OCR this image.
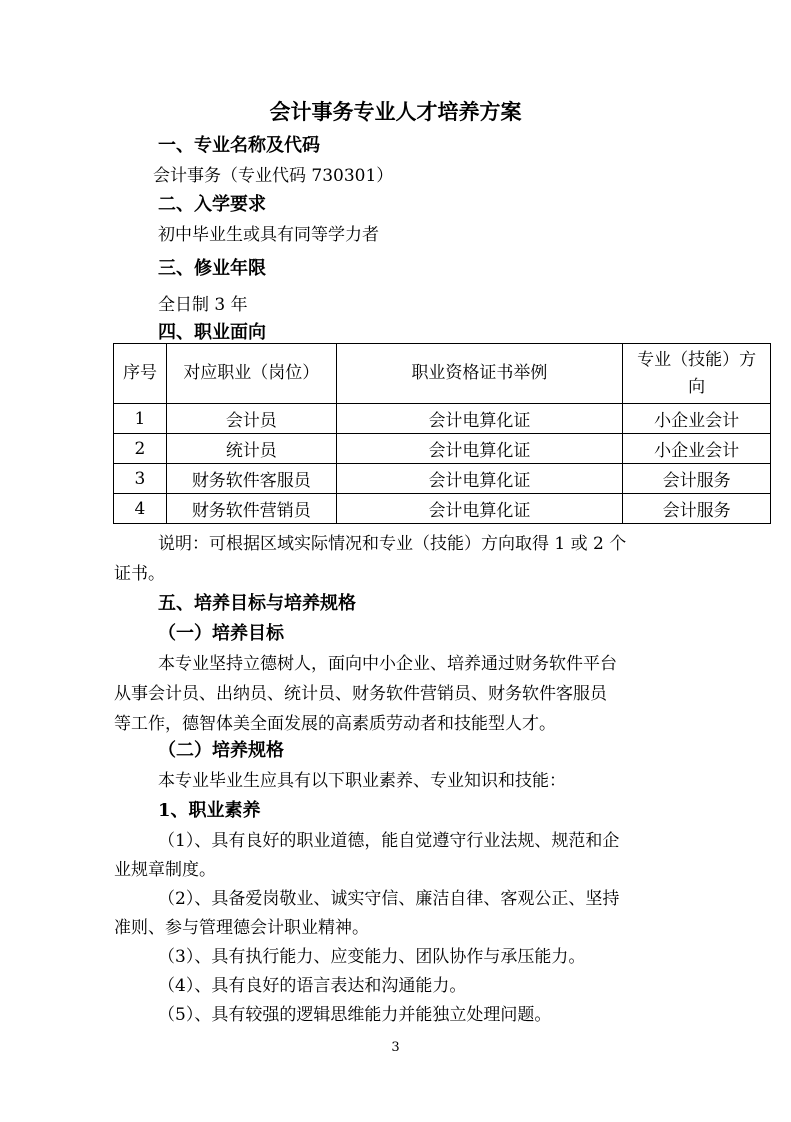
会计事务专业人才培养方案
一、专业名称及代码
会计事务（专业代码 730301）
二、入学要求
初中毕业生或具有同等学力者
三、修业年限
全日制 3 年
四、职业面向
序号	对应职业（岗位）	职业资格证书举例	专业（技能）方
向
1	会计员	会计电算化证	小企业会计
2	统计员	会计电算化证	小企业会计
3	财务软件客服员	会计电算化证	会计服务
4	财务软件营销员	会计电算化证	会计服务
说明：可根据区域实际情况和专业（技能）方向取得 1 或 2 个
证书。
五、培养目标与培养规格
（一）培养目标
本专业坚持立德树人，面向中小企业、培养通过财务软件平台
从事会计员、出纳员、统计员、财务软件营销员、财务软件客服员
等工作，德智体美全面发展的高素质劳动者和技能型人才。
（二）培养规格
本专业毕业生应具有以下职业素养、专业知识和技能：
1、职业素养
（1）、具有良好的职业道德，能自觉遵守行业法规、规范和企
业规章制度。
（2）、具备爱岗敬业、诚实守信、廉洁自律、客观公正、坚持
准则、参与管理德会计职业精神。
（3）、具有执行能力、应变能力、团队协作与承压能力。
（4）、具有良好的语言表达和沟通能力。
（5）、具有较强的逻辑思维能力并能独立处理问题。
3
